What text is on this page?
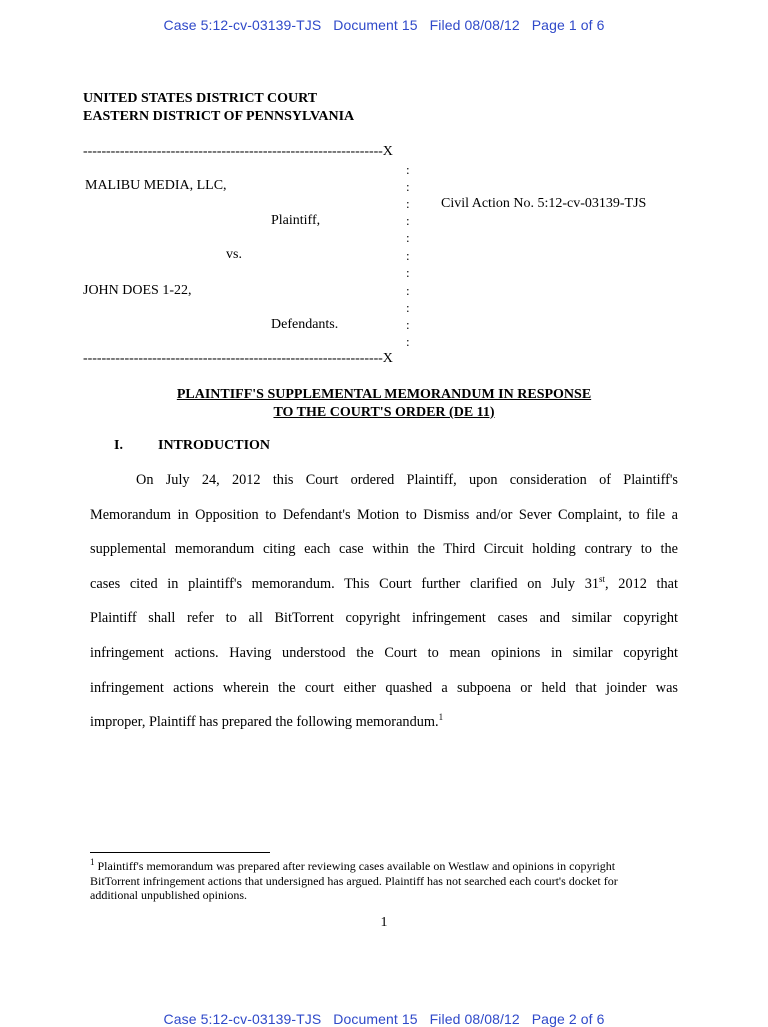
Case 5:12-cv-03139-TJS   Document 15   Filed 08/08/12   Page 1 of 6
UNITED STATES DISTRICT COURT
EASTERN DISTRICT OF PENNSYLVANIA
-----------------------------------------------------------------X
:
MALIBU MEDIA, LLC,	:
: Civil Action No. 5:12-cv-03139-TJS
Plaintiff,	:
:
vs.	:
:
JOHN DOES 1-22,	:
:
Defendants.	:
:
-----------------------------------------------------------------X
PLAINTIFF'S SUPPLEMENTAL MEMORANDUM IN RESPONSE
TO THE COURT'S ORDER (DE 11)
I.	INTRODUCTION
On July 24, 2012 this Court ordered Plaintiff, upon consideration of Plaintiff's
Memorandum in Opposition to Defendant's Motion to Dismiss and/or Sever Complaint, to file a
supplemental memorandum citing each case within the Third Circuit holding contrary to the
cases cited in plaintiff's memorandum. This Court further clarified on July 31st, 2012 that
Plaintiff shall refer to all BitTorrent copyright infringement cases and similar copyright
infringement actions. Having understood the Court to mean opinions in similar copyright
infringement actions wherein the court either quashed a subpoena or held that joinder was
improper, Plaintiff has prepared the following memorandum.$^1$
$^1$ Plaintiff's memorandum was prepared after reviewing cases available on Westlaw and opinions in copyright
BitTorrent infringement actions that undersigned has argued. Plaintiff has not searched each court's docket for
additional unpublished opinions.
1
Case 5:12-cv-03139-TJS   Document 15   Filed 08/08/12   Page 2 of 6
